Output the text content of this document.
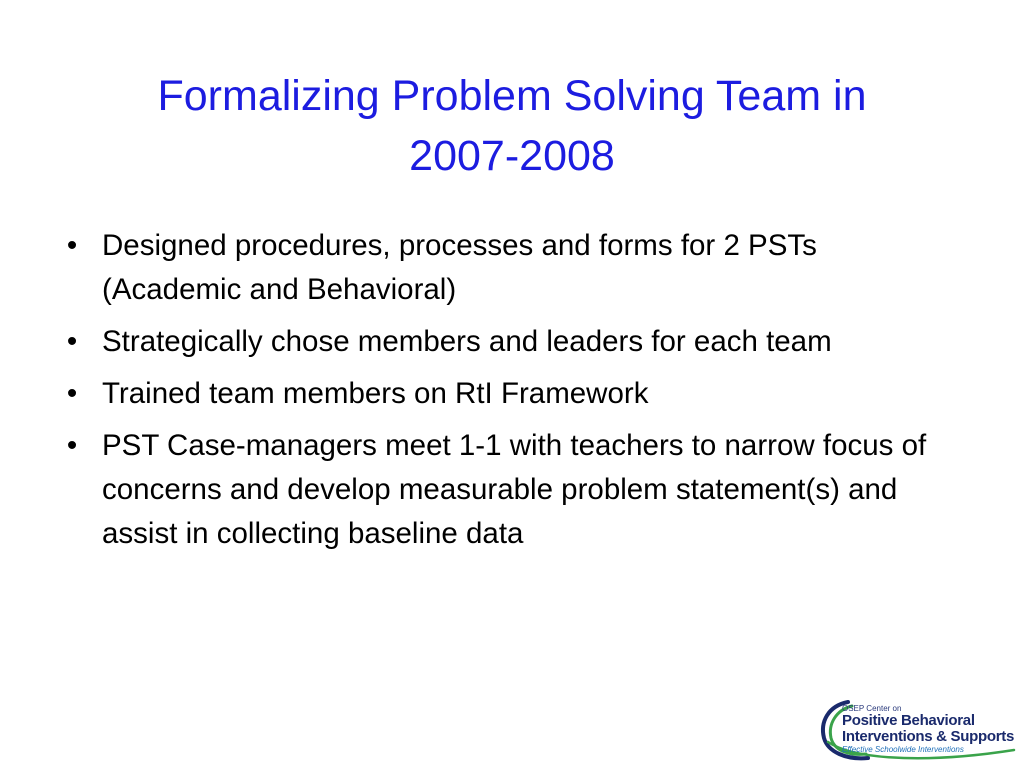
Formalizing Problem Solving Team in
2007-2008
• Designed procedures, processes and forms for 2 PSTs (Academic and Behavioral)
• Strategically chose members and leaders for each team
• Trained team members on RtI Framework
• PST Case-managers meet 1-1 with teachers to narrow focus of concerns and develop measurable problem statement(s) and assist in collecting baseline data
OSEP Center on
Positive Behavioral
Interventions & Supports
Effective Schoolwide Interventions
